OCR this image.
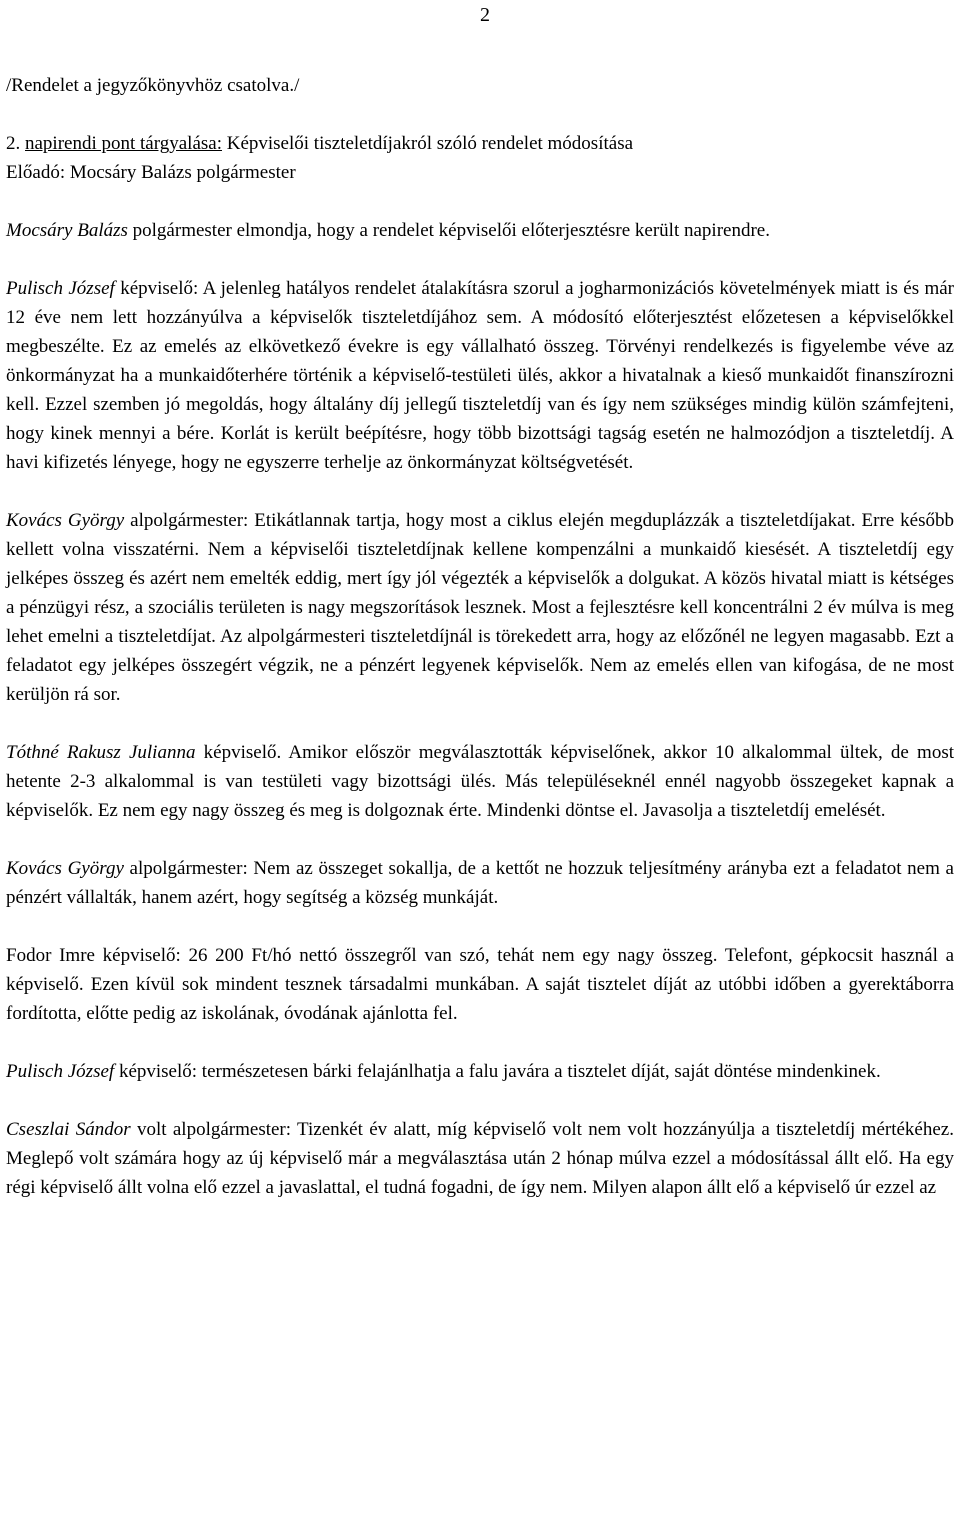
2

/Rendelet a jegyzőkönyvhöz csatolva./

2. napirendi pont tárgyalása: Képviselői tiszteletdíjakról szóló rendelet módosítása

Előadó: Mocsáry Balázs polgármester

Mocsáry Balázs polgármester elmondja, hogy a rendelet képviselői előterjesztésre került napirendre.

Pulisch József képviselő: A jelenleg hatályos rendelet átalakításra szorul a jogharmonizációs követelmények miatt is és már 12 éve nem lett hozzányúlva a képviselők tiszteletdíjához sem. A módosító előterjesztést előzetesen a képviselőkkel megbeszélte. Ez az emelés az elkövetkező évekre is egy vállalható összeg. Törvényi rendelkezés is figyelembe véve az önkormányzat ha a munkaidőterhére történik a képviselő-testületi ülés, akkor a hivatalnak a kieső munkaidőt finanszírozni kell. Ezzel szemben jó megoldás, hogy általány díj jellegű tiszteletdíj van és így nem szükséges mindig külön számfejteni, hogy kinek mennyi a bére. Korlát is került beépítésre, hogy több bizottsági tagság esetén ne halmozódjon a tiszteletdíj. A havi kifizetés lényege, hogy ne egyszerre terhelje az önkormányzat költségvetését.

Kovács György alpolgármester: Etikátlannak tartja, hogy most a ciklus elején megduplázzák a tiszteletdíjakat. Erre később kellett volna visszatérni. Nem a képviselői tiszteletdíjnak kellene kompenzálni a munkaidő kiesését. A tiszteletdíj egy jelképes összeg és azért nem emelték eddig, mert így jól végezték a képviselők a dolgukat. A közös hivatal miatt is kétséges a pénzügyi rész, a szociális területen is nagy megszorítások lesznek. Most a fejlesztésre kell koncentrálni 2 év múlva is meg lehet emelni a tiszteletdíjat. Az alpolgármesteri tiszteletdíjnál is törekedett arra, hogy az előzőnél ne legyen magasabb. Ezt a feladatot egy jelképes összegért végzik, ne a pénzért legyenek képviselők. Nem az emelés ellen van kifogása, de ne most kerüljön rá sor.

Tóthné Rakusz Julianna képviselő. Amikor először megválasztották képviselőnek, akkor 10 alkalommal ültek, de most hetente 2-3 alkalommal is van testületi vagy bizottsági ülés. Más településeknél ennél nagyobb összegeket kapnak a képviselők. Ez nem egy nagy összeg és meg is dolgoznak érte. Mindenki döntse el. Javasolja a tiszteletdíj emelését.

Kovács György alpolgármester: Nem az összeget sokallja, de a kettőt ne hozzuk teljesítmény arányba ezt a feladatot nem a pénzért vállalták, hanem azért, hogy segítség a község munkáját.

Fodor Imre képviselő: 26 200 Ft/hó nettó összegről van szó, tehát nem egy nagy összeg. Telefont, gépkocsit használ a képviselő. Ezen kívül sok mindent tesznek társadalmi munkában. A saját tisztelet díját az utóbbi időben a gyerektáborra fordította, előtte pedig az iskolának, óvodának ajánlotta fel.

Pulisch József képviselő: természetesen bárki felajánlhatja a falu javára a tisztelet díját, saját döntése mindenkinek.

Cseszlai Sándor volt alpolgármester: Tizenkét év alatt, míg képviselő volt nem volt hozzányúlja a tiszteletdíj mértékéhez. Meglepő volt számára hogy az új képviselő már a megválasztása után 2 hónap múlva ezzel a módosítással állt elő. Ha egy régi képviselő állt volna elő ezzel a javaslattal, el tudná fogadni, de így nem. Milyen alapon állt elő a képviselő úr ezzel az
